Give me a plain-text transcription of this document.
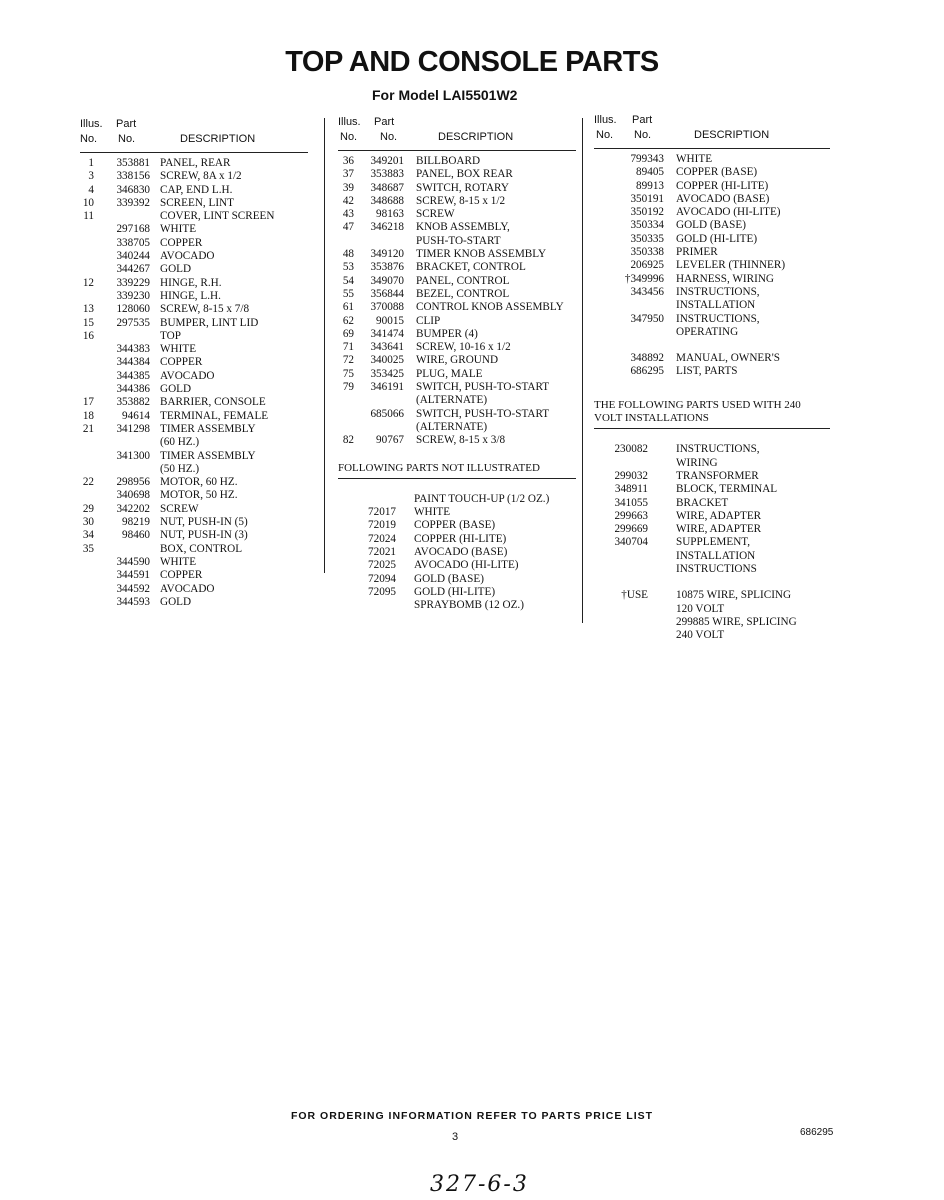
TOP AND CONSOLE PARTS
For Model LAI5501W2
Illus. Part
No. No.	DESCRIPTION
1	353881 PANEL, REAR
3	338156 SCREW, 8A x 1/2
4	346830 CAP, END L.H.
10	339392 SCREEN, LINT
11	COVER, LINT SCREEN
297168 WHITE
338705 COPPER
340244 AVOCADO
344267 GOLD
12	339229 HINGE, R.H.
339230 HINGE, L.H.
13	128060 SCREW, 8-15 x 7/8
15	297535 BUMPER, LINT LID
16	TOP
344383 WHITE
344384 COPPER
344385 AVOCADO
344386 GOLD
17	353882 BARRIER, CONSOLE
18	94614 TERMINAL, FEMALE
21	341298 TIMER ASSEMBLY
(60 HZ.)
341300 TIMER ASSEMBLY
(50 HZ.)
22	298956 MOTOR, 60 HZ.
340698 MOTOR, 50 HZ.
29	342202 SCREW
30	98219 NUT, PUSH-IN (5)
34	98460 NUT, PUSH-IN (3)
35	BOX, CONTROL
344590 WHITE
344591 COPPER
344592 AVOCADO
344593 GOLD
Illus. Part
No. No.	DESCRIPTION
36	349201 BILLBOARD
37	353883 PANEL, BOX REAR
39	348687 SWITCH, ROTARY
42	348688 SCREW, 8-15 x 1/2
43	98163 SCREW
47	346218 KNOB ASSEMBLY,
PUSH-TO-START
48	349120 TIMER KNOB ASSEMBLY
53	353876 BRACKET, CONTROL
54	349070 PANEL, CONTROL
55	356844 BEZEL, CONTROL
61	370088 CONTROL KNOB ASSEMBLY
62	90015 CLIP
69	341474 BUMPER (4)
71	343641 SCREW, 10-16 x 1/2
72	340025 WIRE, GROUND
75	353425 PLUG, MALE
79	346191 SWITCH, PUSH-TO-START
(ALTERNATE)
685066 SWITCH, PUSH-TO-START
(ALTERNATE)
82	90767 SCREW, 8-15 x 3/8
FOLLOWING PARTS NOT ILLUSTRATED
PAINT TOUCH-UP (1/2 OZ.)
72017 WHITE
72019 COPPER (BASE)
72024 COPPER (HI-LITE)
72021 AVOCADO (BASE)
72025 AVOCADO (HI-LITE)
72094 GOLD (BASE)
72095 GOLD (HI-LITE)
SPRAYBOMB (12 OZ.)
Illus. Part
No. No.	DESCRIPTION
799343 WHITE
89405 COPPER (BASE)
89913 COPPER (HI-LITE)
350191 AVOCADO (BASE)
350192 AVOCADO (HI-LITE)
350334 GOLD (BASE)
350335 GOLD (HI-LITE)
350338 PRIMER
206925 LEVELER (THINNER)
†349996 HARNESS, WIRING
343456 INSTRUCTIONS,
INSTALLATION
347950 INSTRUCTIONS,
OPERATING
348892 MANUAL, OWNER'S
686295 LIST, PARTS
THE FOLLOWING PARTS USED WITH 240 VOLT INSTALLATIONS
230082	INSTRUCTIONS,
WIRING
299032	TRANSFORMER
348911	BLOCK, TERMINAL
341055	BRACKET
299663	WIRE, ADAPTER
299669	WIRE, ADAPTER
340704	SUPPLEMENT,
INSTALLATION
INSTRUCTIONS
†USE	10875 WIRE, SPLICING
120 VOLT
299885 WIRE, SPLICING
240 VOLT
FOR ORDERING INFORMATION REFER TO PARTS PRICE LIST
3	686295
327-6-3
